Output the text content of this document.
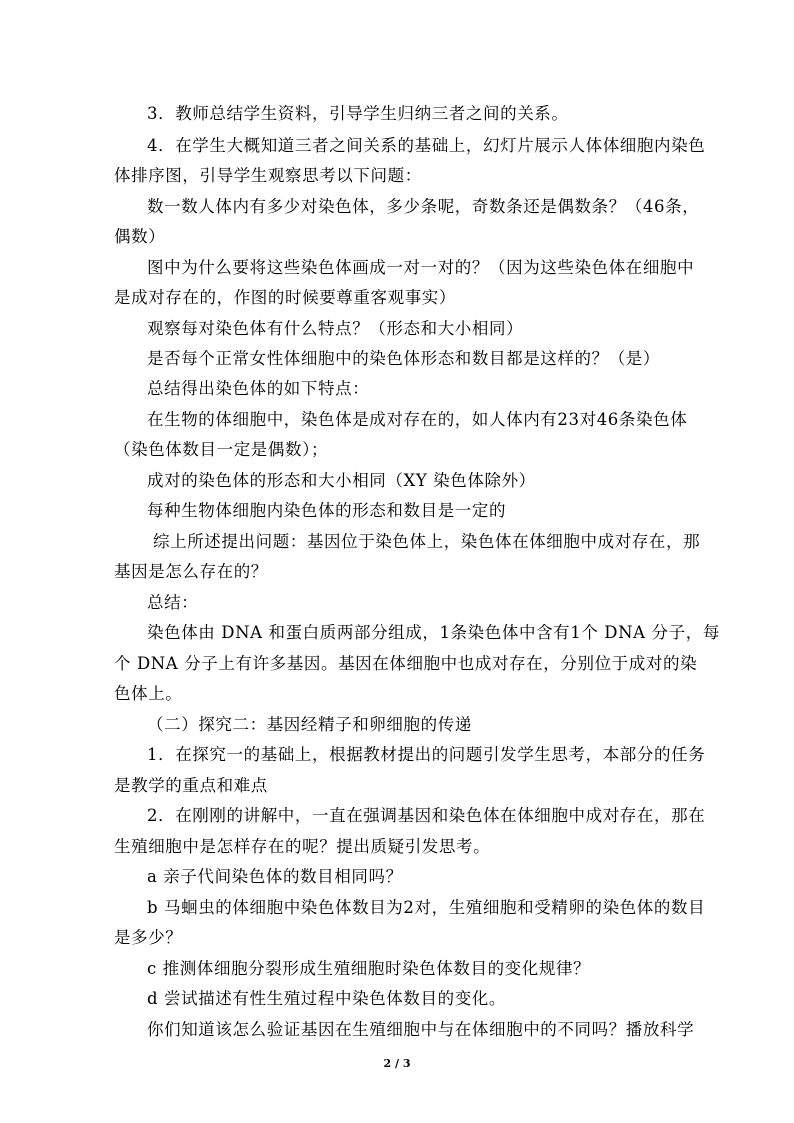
3．教师总结学生资料，引导学生归纳三者之间的关系。
4．在学生大概知道三者之间关系的基础上，幻灯片展示人体体细胞内染色
体排序图，引导学生观察思考以下问题：
数一数人体内有多少对染色体，多少条呢，奇数条还是偶数条？（46条，
偶数）
图中为什么要将这些染色体画成一对一对的？（因为这些染色体在细胞中
是成对存在的，作图的时候要尊重客观事实）
观察每对染色体有什么特点？（形态和大小相同）
是否每个正常女性体细胞中的染色体形态和数目都是这样的？（是）
总结得出染色体的如下特点：
在生物的体细胞中，染色体是成对存在的，如人体内有23对46条染色体
（染色体数目一定是偶数）；
成对的染色体的形态和大小相同（XY 染色体除外）
每种生物体细胞内染色体的形态和数目是一定的
综上所述提出问题：基因位于染色体上，染色体在体细胞中成对存在，那
基因是怎么存在的？
总结：
染色体由 DNA 和蛋白质两部分组成，1条染色体中含有1个 DNA 分子，每
个 DNA 分子上有许多基因。基因在体细胞中也成对存在，分别位于成对的染
色体上。
（二）探究二：基因经精子和卵细胞的传递
1．在探究一的基础上，根据教材提出的问题引发学生思考，本部分的任务
是教学的重点和难点
2．在刚刚的讲解中，一直在强调基因和染色体在体细胞中成对存在，那在
生殖细胞中是怎样存在的呢？提出质疑引发思考。
a 亲子代间染色体的数目相同吗？
b 马蛔虫的体细胞中染色体数目为2对，生殖细胞和受精卵的染色体的数目
是多少？
c 推测体细胞分裂形成生殖细胞时染色体数目的变化规律？
d 尝试描述有性生殖过程中染色体数目的变化。
你们知道该怎么验证基因在生殖细胞中与在体细胞中的不同吗？播放科学
2 / 3
